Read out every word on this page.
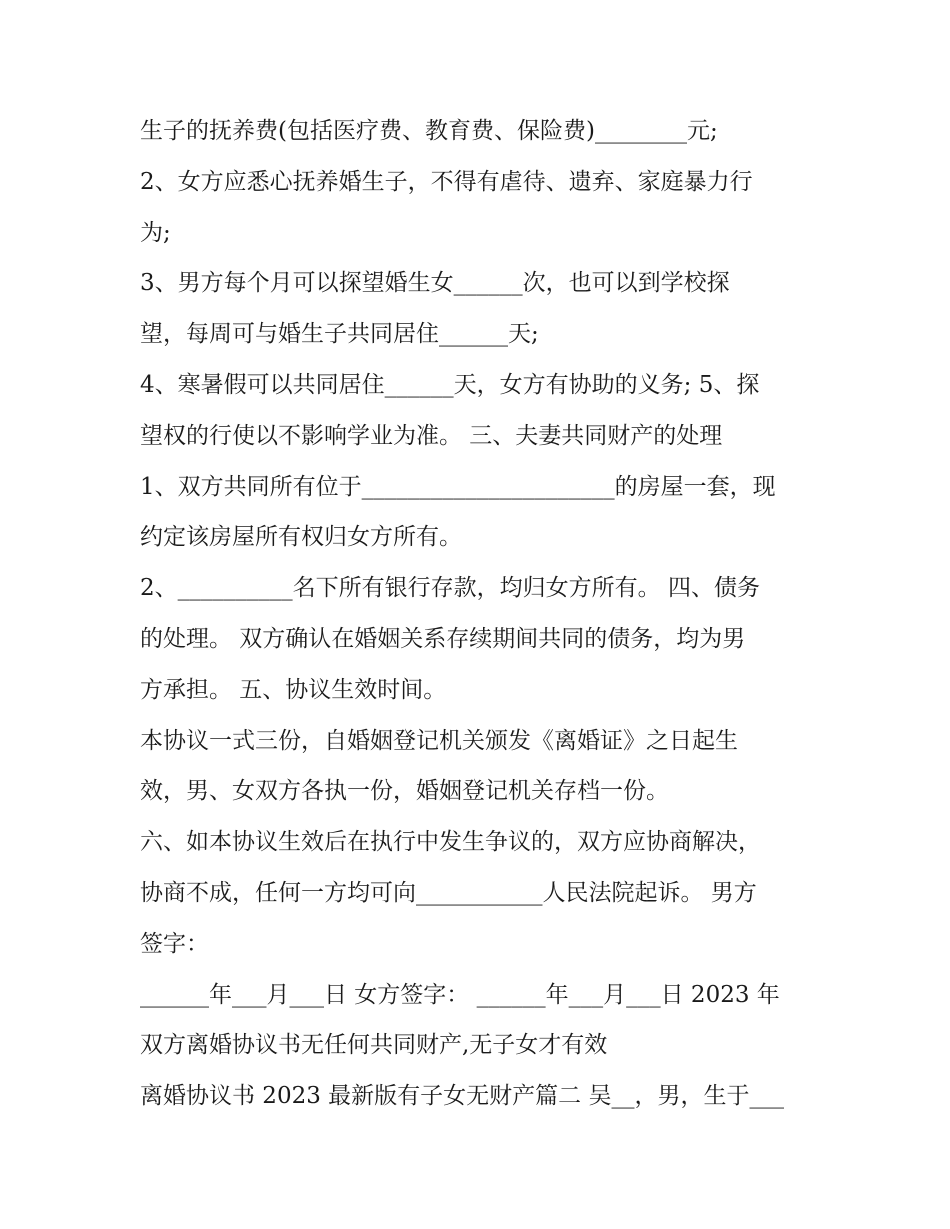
生子的抚养费(包括医疗费、教育费、保险费)________元;
2、女方应悉心抚养婚生子，不得有虐待、遗弃、家庭暴力行
为;
3、男方每个月可以探望婚生女______次，也可以到学校探
望，每周可与婚生子共同居住______天;
4、寒暑假可以共同居住______天，女方有协助的义务; 5、探
望权的行使以不影响学业为准。 三、夫妻共同财产的处理
1、双方共同所有位于______________________的房屋一套，现
约定该房屋所有权归女方所有。
2、__________名下所有银行存款，均归女方所有。 四、债务
的处理。 双方确认在婚姻关系存续期间共同的债务，均为男
方承担。 五、协议生效时间。
本协议一式三份，自婚姻登记机关颁发《离婚证》之日起生
效，男、女双方各执一份，婚姻登记机关存档一份。
六、如本协议生效后在执行中发生争议的，双方应协商解决，
协商不成，任何一方均可向___________人民法院起诉。 男方
签字：
______年___月___日 女方签字： ______年___月___日 2023 年
双方离婚协议书无任何共同财产,无子女才有效
离婚协议书 2023 最新版有子女无财产篇二 吴__，男，生于___
